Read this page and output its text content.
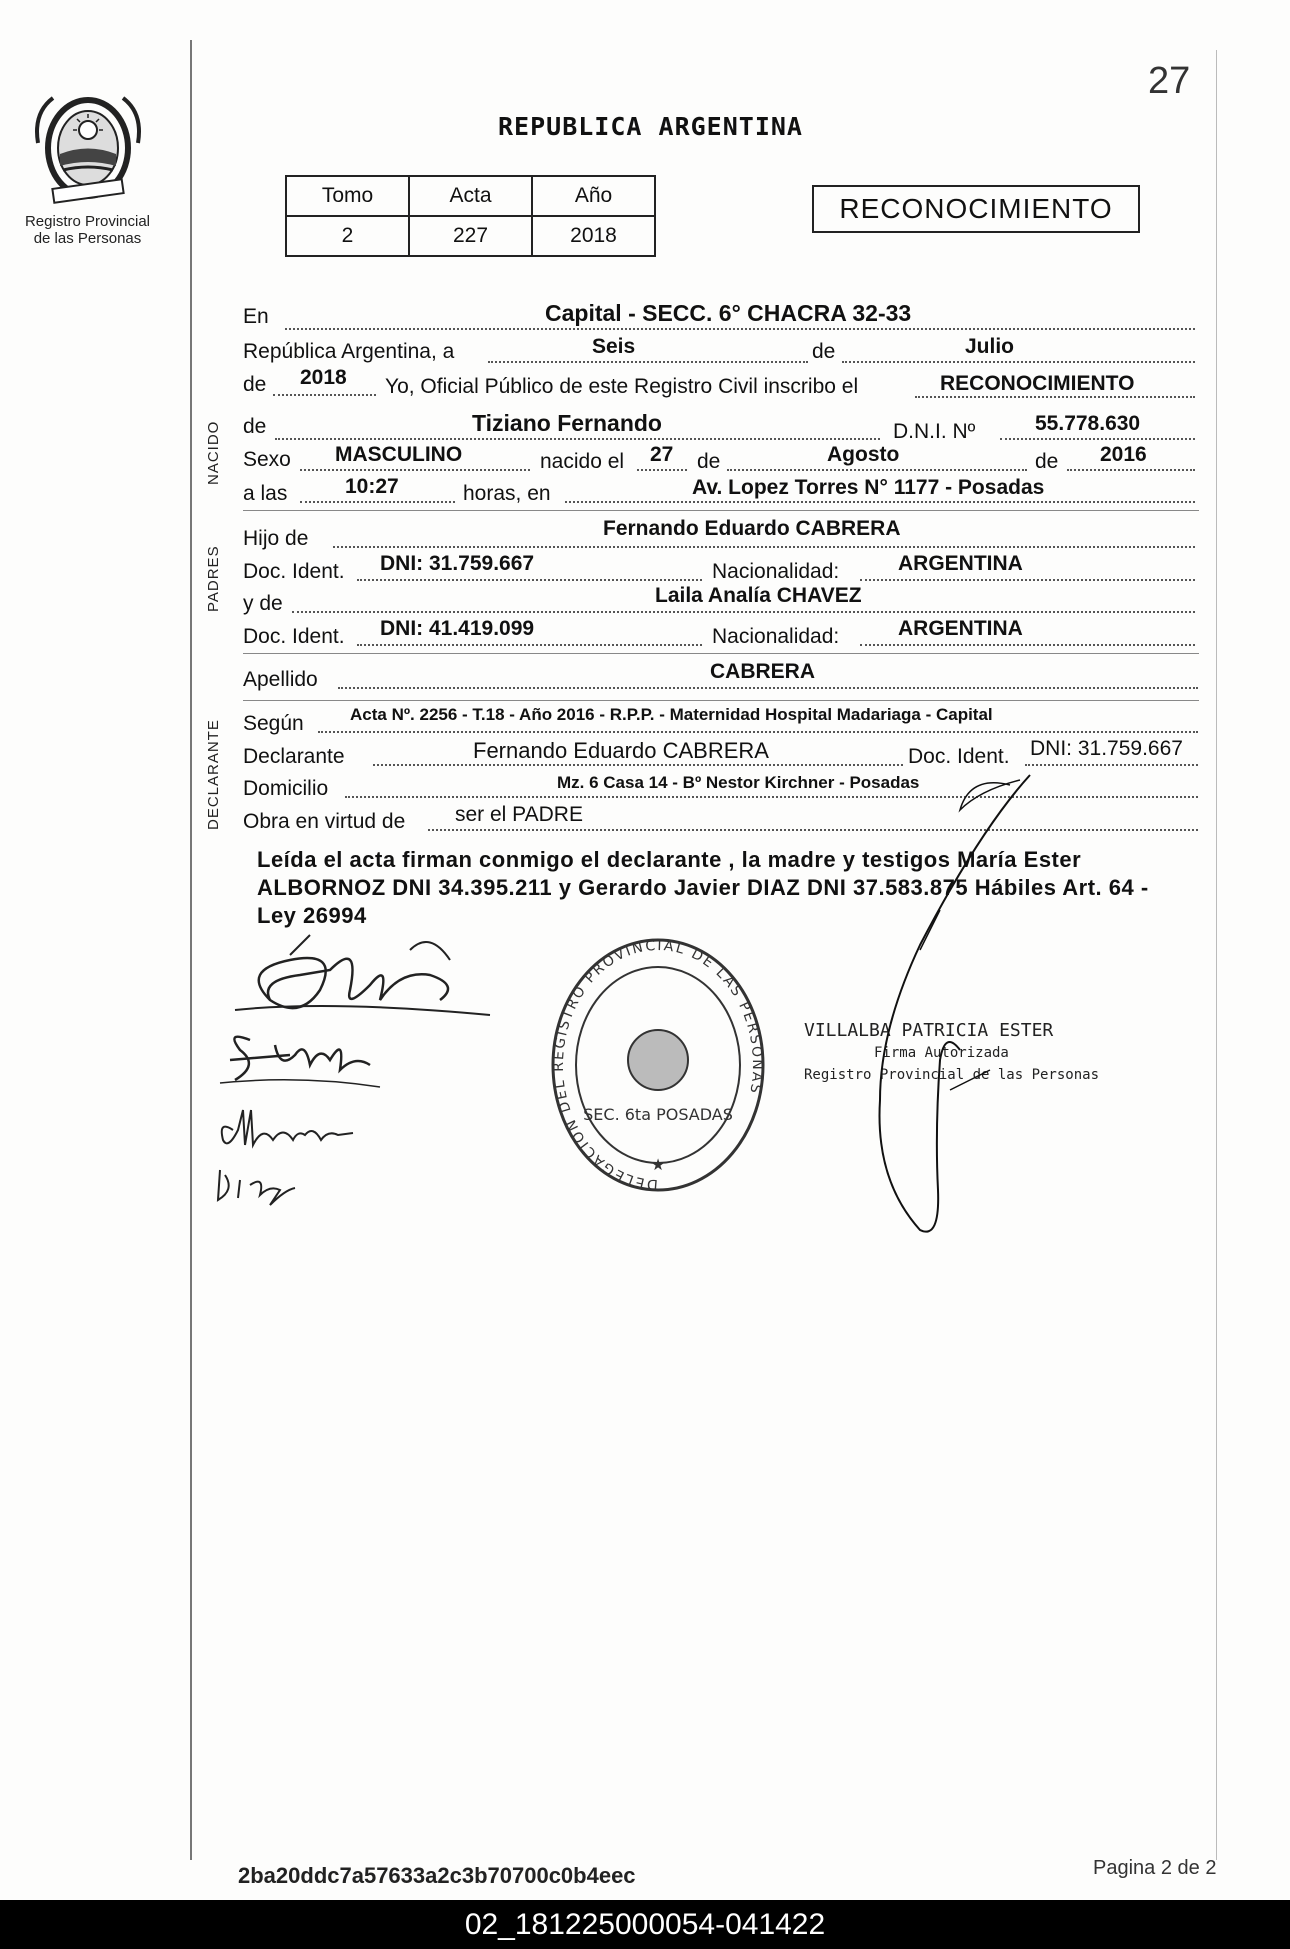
27
REPUBLICA ARGENTINA
Registro Provincial
de las Personas
Tomo	Acta	Año
2	227	2018
RECONOCIMIENTO
NACIDO
PADRES
DECLARANTE
En	Capital - SECC. 6° CHACRA 32-33
República Argentina, a	Seis	de	Julio
de 2018 Yo, Oficial Público de este Registro Civil inscribo el	RECONOCIMIENTO
de	Tiziano Fernando	D.N.I. Nº	55.778.630
Sexo MASCULINO	nacido el 27 de	Agosto	de 2016
a las	10:27	horas, en	Av. Lopez Torres N° 1177 - Posadas
Hijo de	Fernando Eduardo CABRERA
Doc. Ident. DNI: 31.759.667	Nacionalidad:	ARGENTINA
y de	Laila Analía CHAVEZ
Doc. Ident. DNI: 41.419.099	Nacionalidad:	ARGENTINA
Apellido	CABRERA
Según	Acta Nº. 2256 - T.18 - Año 2016 - R.P.P. - Maternidad Hospital Madariaga - Capital
Declarante	Fernando Eduardo CABRERA	Doc. Ident. DNI: 31.759.667
Domicilio	Mz. 6 Casa 14 - Bº Nestor Kirchner - Posadas
Obra en virtud de ser el PADRE
Leída el acta firman conmigo el declarante , la madre y testigos María Ester ALBORNOZ DNI 34.395.211 y Gerardo Javier DIAZ DNI 37.583.875 Hábiles Art. 64 - Ley 26994
DELEGACION DEL REGISTRO PROVINCIAL DE LAS PERSONAS
SEC. 6ta POSADAS
★
VILLALBA PATRICIA ESTER
Firma Autorizada
Registro Provincial de las Personas
2ba20ddc7a57633a2c3b70700c0b4eec	Pagina 2 de 2
02_181225000054-041422
